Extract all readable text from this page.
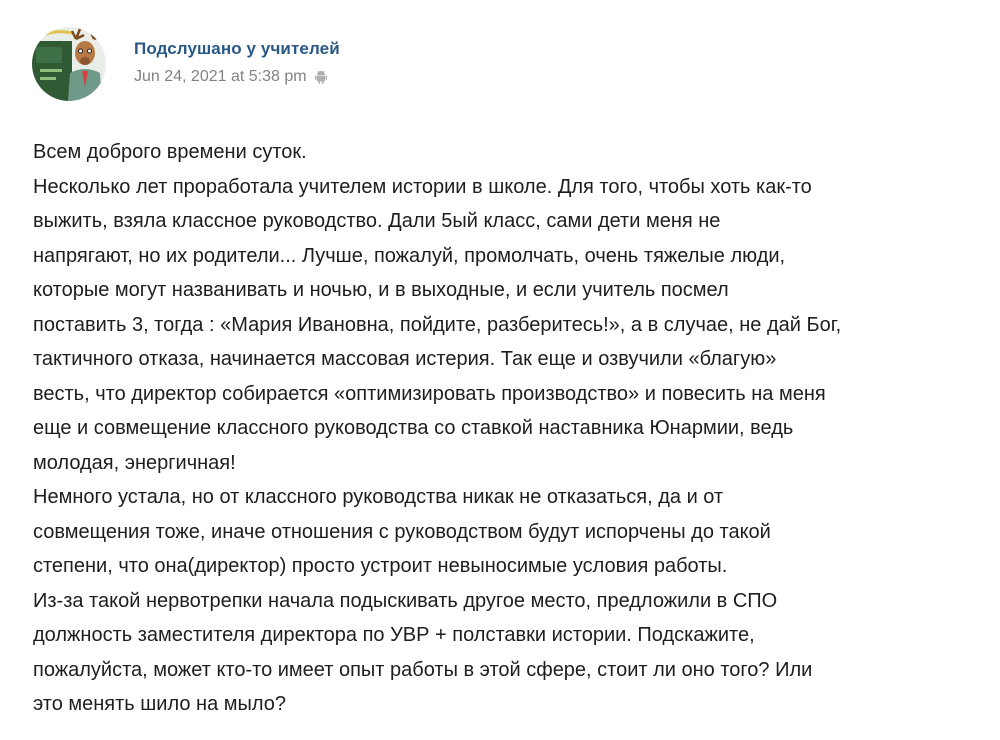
Подслушано у учителей
Jun 24, 2021 at 5:38 pm
Всем доброго времени суток.
Несколько лет проработала учителем истории в школе. Для того, чтобы хоть как-то
выжить, взяла классное руководство. Дали 5ый класс, сами дети меня не
напрягают, но их родители... Лучше, пожалуй, промолчать, очень тяжелые люди,
которые могут названивать и ночью, и в выходные, и если учитель посмел
поставить 3, тогда : «Мария Ивановна, пойдите, разберитесь!», а в случае, не дай Бог,
тактичного отказа, начинается массовая истерия. Так еще и озвучили «благую»
весть, что директор собирается «оптимизировать производство» и повесить на меня
еще и совмещение классного руководства со ставкой наставника Юнармии, ведь
молодая, энергичная!
Немного устала, но от классного руководства никак не отказаться, да и от
совмещения тоже, иначе отношения с руководством будут испорчены до такой
степени, что она(директор) просто устроит невыносимые условия работы.
Из-за такой нервотрепки начала подыскивать другое место, предложили в СПО
должность заместителя директора по УВР + полставки истории. Подскажите,
пожалуйста, может кто-то имеет опыт работы в этой сфере, стоит ли оно того? Или
это менять шило на мыло?
